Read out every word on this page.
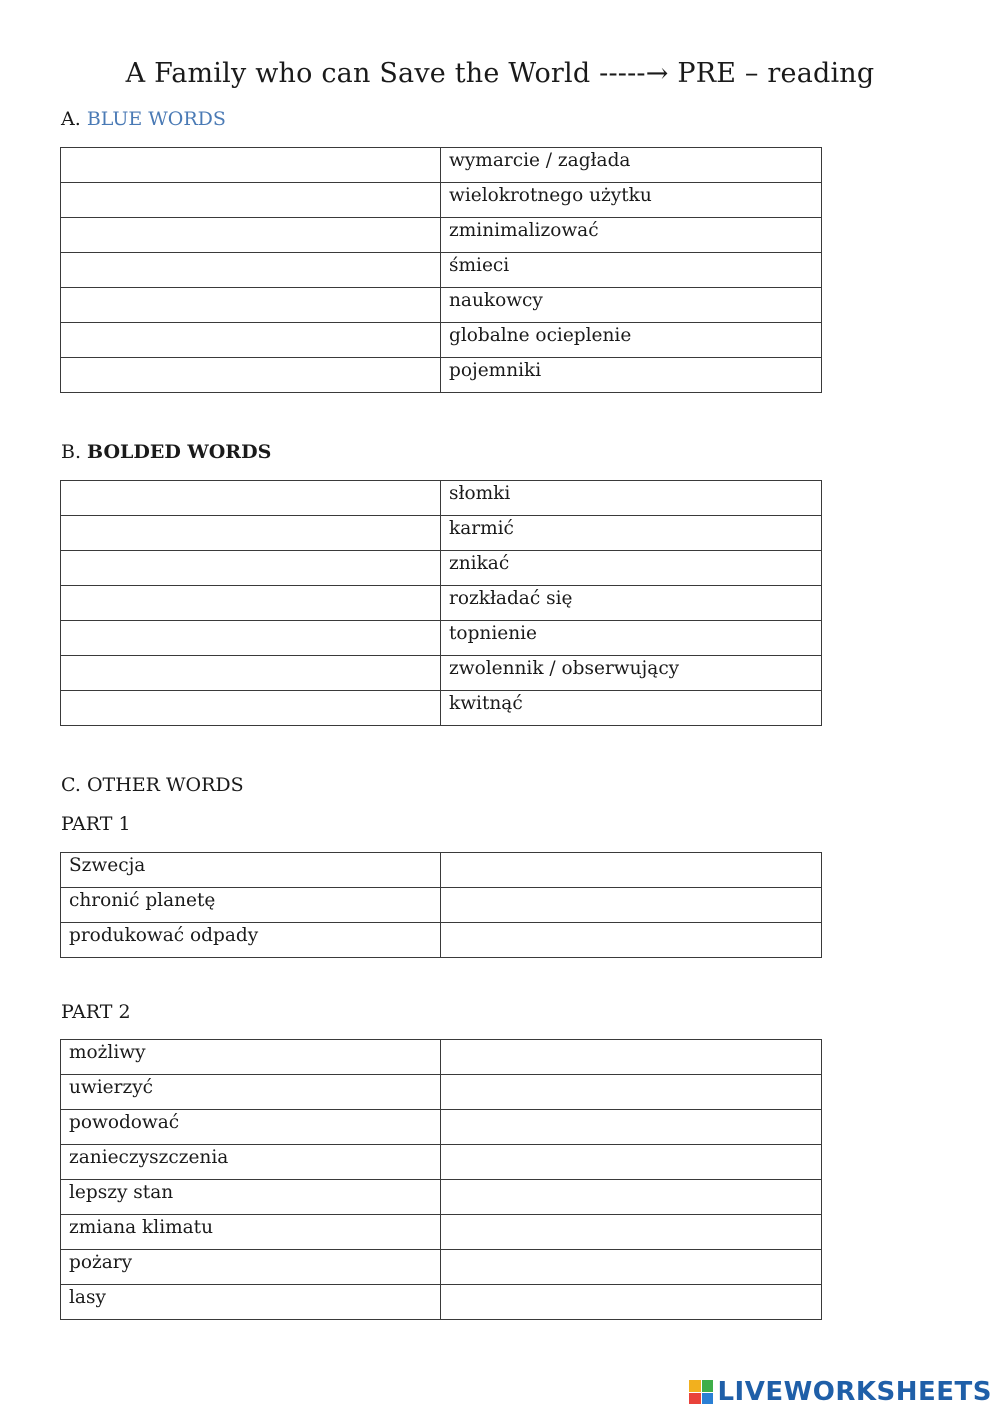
A Family who can Save the World -----→ PRE – reading
A. BLUE WORDS
	wymarcie / zagłada
	wielokrotnego użytku
	zminimalizować
	śmieci
	naukowcy
	globalne ocieplenie
	pojemniki
B. BOLDED WORDS
	słomki
	karmić
	znikać
	rozkładać się
	topnienie
	zwolennik / obserwujący
	kwitnąć
C. OTHER WORDS
PART 1
Szwecja	
chronić planetę	
produkować odpady	
PART 2
możliwy	
uwierzyć	
powodować	
zanieczyszczenia	
lepszy stan	
zmiana klimatu	
pożary	
lasy	
LIVEWORKSHEETS
